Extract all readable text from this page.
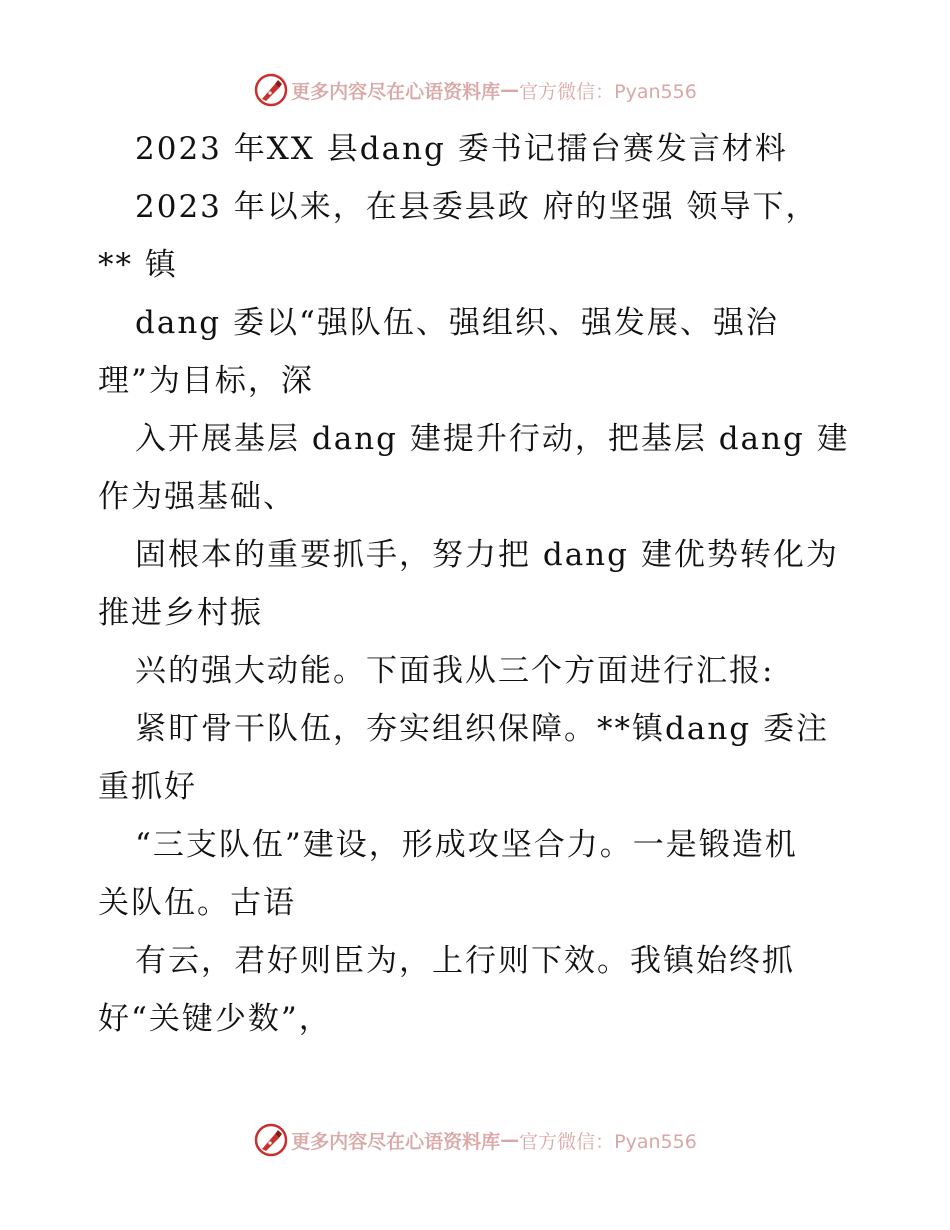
更多内容尽在心语资料库 — 官方微信：Pyan556
2023 年XX 县dang 委书记擂台赛发言材料
2023 年以来，在县委县政 府的坚强 领导下，
** 镇
dang 委以“强队伍、强组织、强发展、强治
理”为目标，深
入开展基层 dang 建提升行动，把基层 dang 建
作为强基础、
固根本的重要抓手，努力把 dang 建优势转化为
推进乡村振
兴的强大动能。下面我从三个方面进行汇报:
紧盯骨干队伍，夯实组织保障。**镇dang 委注
重抓好
“三支队伍”建设，形成攻坚合力。一是锻造机
关队伍。古语
有云，君好则臣为，上行则下效。我镇始终抓
好“关键少数”，
更多内容尽在心语资料库 — 官方微信：Pyan556
